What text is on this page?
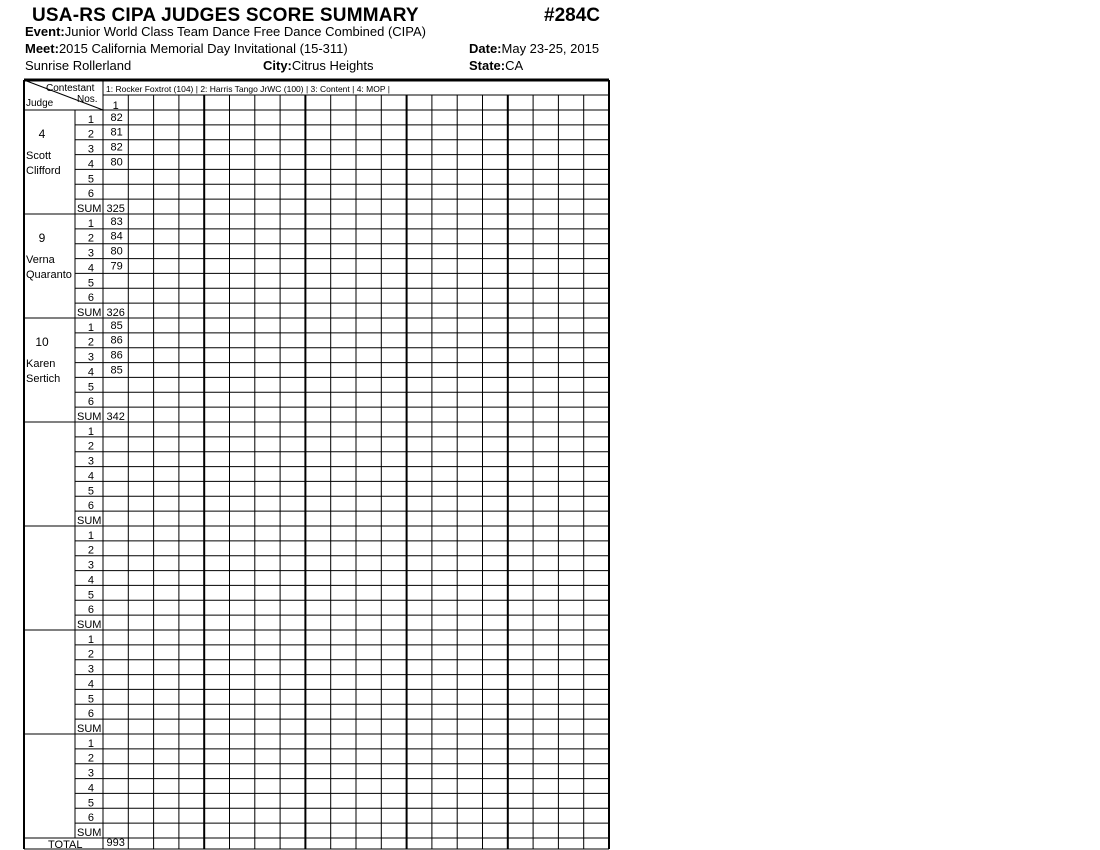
USA-RS CIPA JUDGES SCORE SUMMARY	#284C
Event:Junior World Class Team Dance Free Dance Combined (CIPA)
Meet:2015 California Memorial Day Invitational (15-311)	Date:May 23-25, 2015
Sunrise Rollerland	City:Citrus Heights	State:CA
Contestant
Nos.
Judge
1: Rocker Foxtrot (104) | 2: Harris Tango JrWC (100) | 3: Content | 4: MOP |
1
4
Scott
Clifford
1 82
2 81
3 82
4 80
5
6
SUM 325
9
Verna
Quaranto
1 83
2 84
3 80
4 79
5
6
SUM 326
10
Karen
Sertich
1 85
2 86
3 86
4 85
5
6
SUM 342
1
2
3
4
5
6
SUM
1
2
3
4
5
6
SUM
1
2
3
4
5
6
SUM
1
2
3
4
5
6
SUM
TOTAL 993
